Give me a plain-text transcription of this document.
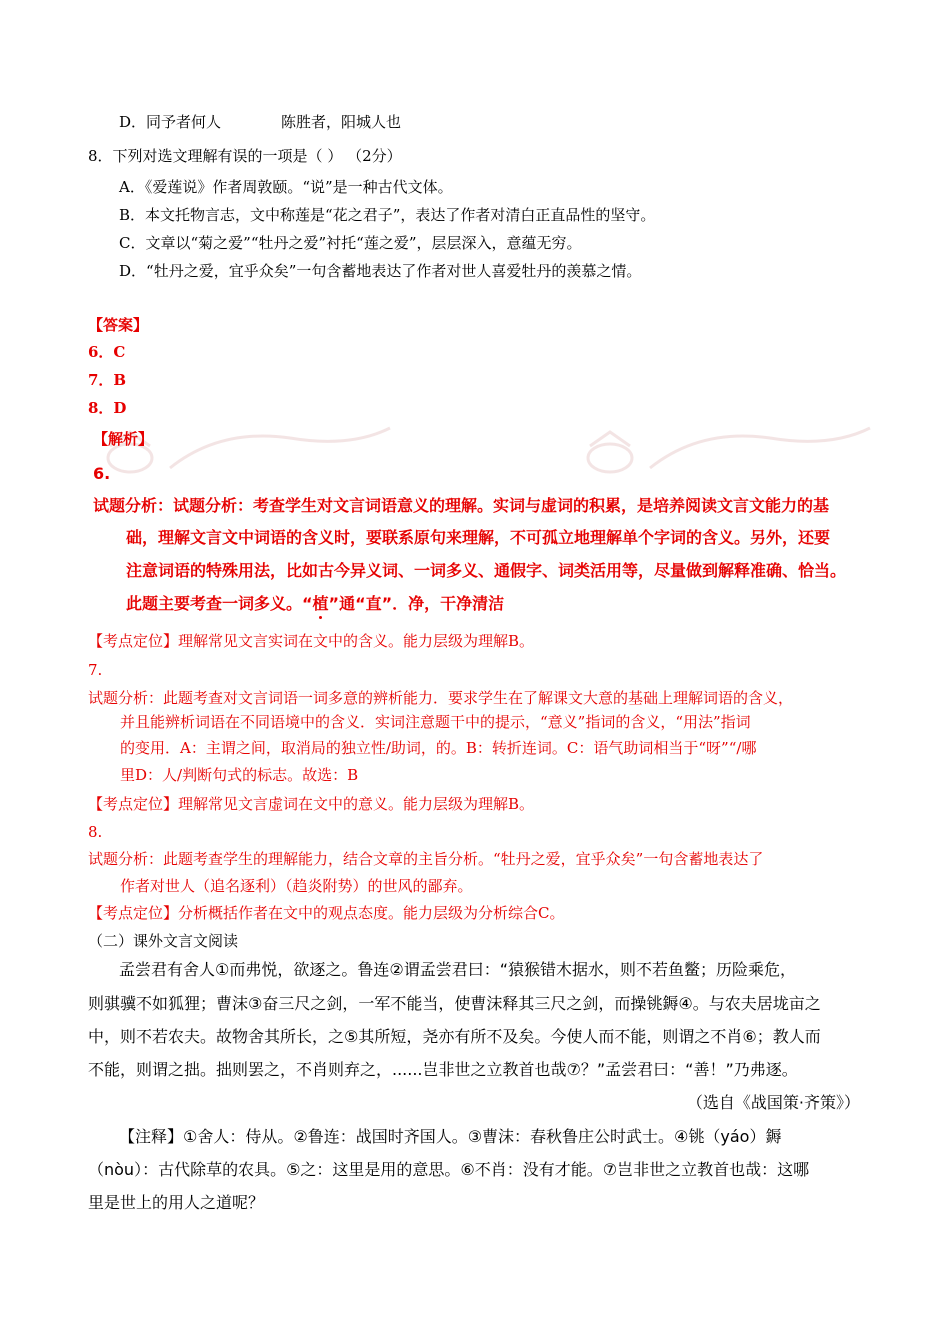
D．同予者何人　　　　陈胜者，阳城人也
8．下列对选文理解有误的一项是（ ） （2分）
A．《爱莲说》作者周敦颐。“说”是一种古代文体。
B．本文托物言志，文中称莲是“花之君子”，表达了作者对清白正直品性的坚守。
C．文章以“菊之爱”“牡丹之爱”衬托“莲之爱”，层层深入，意蕴无穷。
D．“牡丹之爱，宜乎众矣”一句含蓄地表达了作者对世人喜爱牡丹的羡慕之情。
【答案】
6．C
7．B
8．D
【解析】
6.
试题分析：试题分析：考查学生对文言词语意义的理解。实词与虚词的积累，是培养阅读文言文能力的基
础，理解文言文中词语的含义时，要联系原句来理解，不可孤立地理解单个字词的含义。另外，还要
注意词语的特殊用法，比如古今异义词、一词多义、通假字、词类活用等，尽量做到解释准确、恰当。
此题主要考查一词多义。“植”通“直”．净，干净清洁
【考点定位】理解常见文言实词在文中的含义。能力层级为理解B。
7.
试题分析：此题考查对文言词语一词多意的辨析能力．要求学生在了解课文大意的基础上理解词语的含义，
并且能辨析词语在不同语境中的含义．实词注意题干中的提示，“意义”指词的含义，“用法”指词
的变用．A：主谓之间，取消局的独立性/助词，的。B：转折连词。C：语气助词相当于“呀”“/哪
里D：人/判断句式的标志。故选：B
【考点定位】理解常见文言虚词在文中的意义。能力层级为理解B。
8.
试题分析：此题考查学生的理解能力，结合文章的主旨分析。“牡丹之爱，宜乎众矣”一句含蓄地表达了
作者对世人（追名逐利）（趋炎附势）的世风的鄙弃。
【考点定位】分析概括作者在文中的观点态度。能力层级为分析综合C。
（二）课外文言文阅读
孟尝君有舍人①而弗悦，欲逐之。鲁连②谓孟尝君曰：“猿猴错木据水，则不若鱼鳖；历险乘危，
则骐骥不如狐狸；曹沫③奋三尺之剑，一军不能当，使曹沫释其三尺之剑，而操铫鎒④。与农夫居垅亩之
中，则不若农夫。故物舍其所长，之⑤其所短，尧亦有所不及矣。今使人而不能，则谓之不肖⑥；教人而
不能，则谓之拙。拙则罢之，不肖则弃之，......岂非世之立教首也哉⑦？”孟尝君曰：“善！”乃弗逐。
（选自《战国策·齐策》）
【注释】①舍人：侍从。②鲁连：战国时齐国人。③曹沫：春秋鲁庄公时武士。④铫（yáo）鎒
（nòu）：古代除草的农具。⑤之：这里是用的意思。⑥不肖：没有才能。⑦岂非世之立教首也哉：这哪
里是世上的用人之道呢？
